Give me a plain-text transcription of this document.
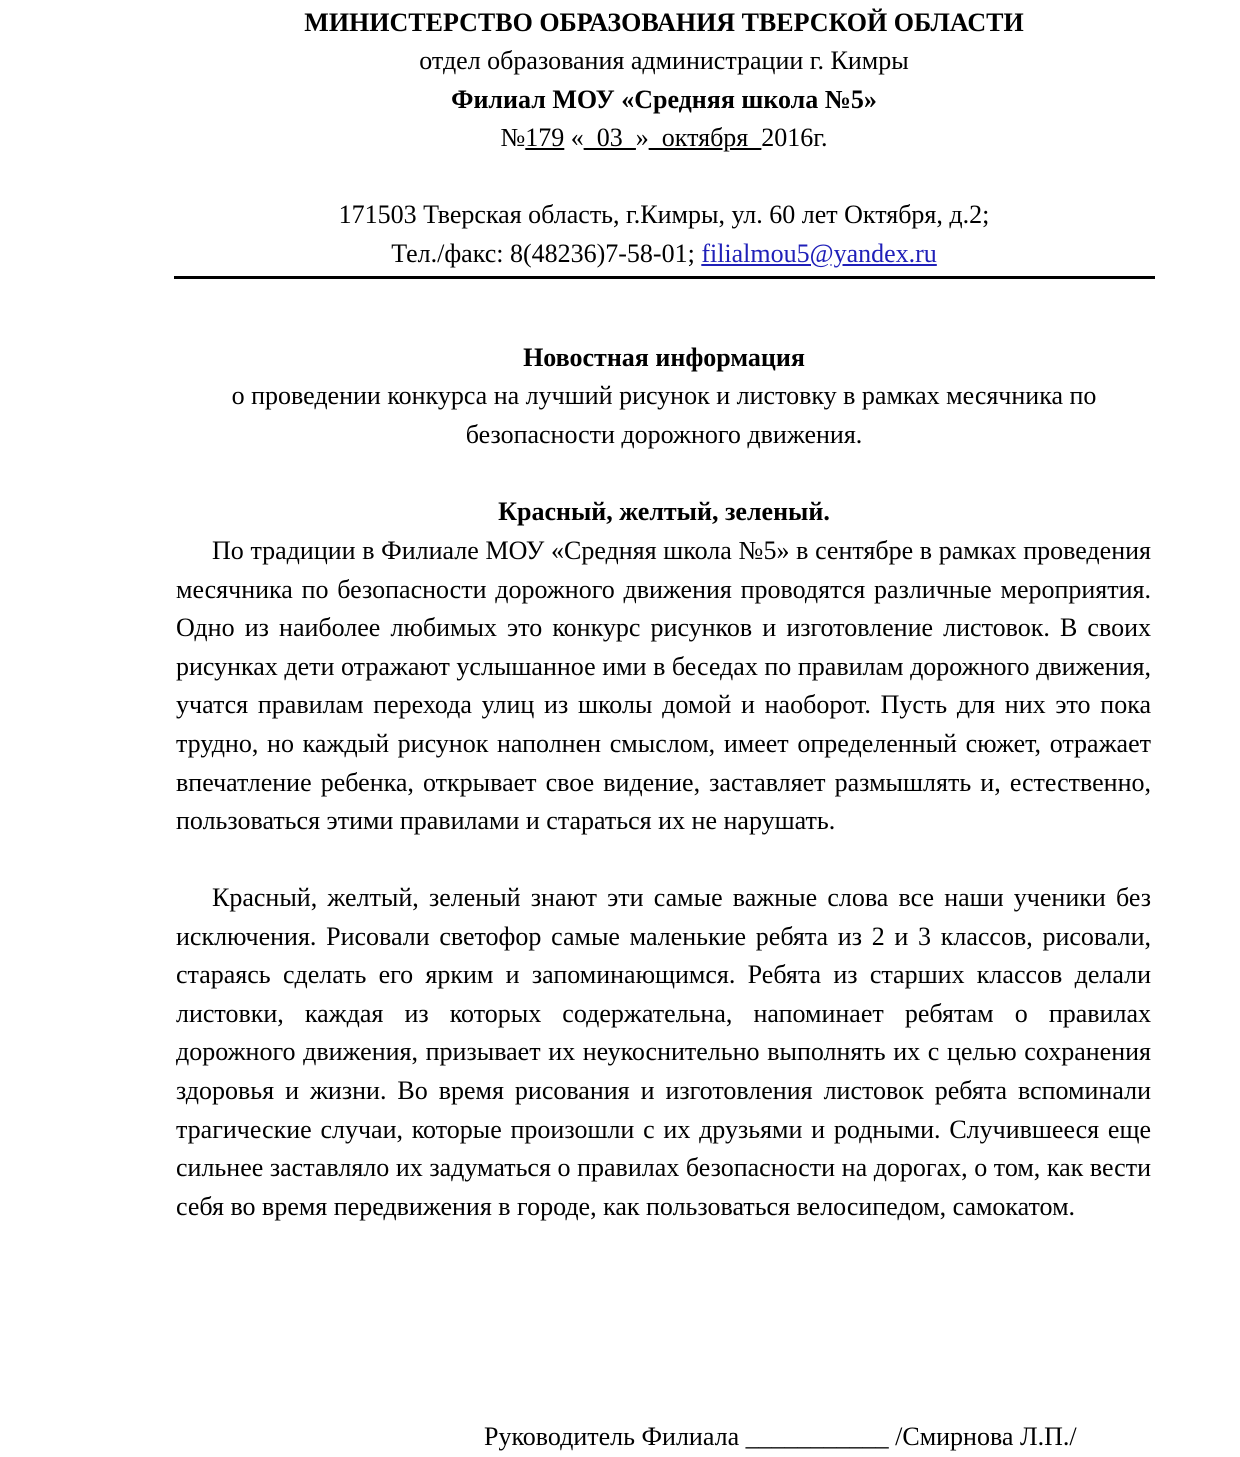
МИНИСТЕРСТВО ОБРАЗОВАНИЯ ТВЕРСКОЙ ОБЛАСТИ
отдел образования администрации г. Кимры
Филиал МОУ «Средняя школа №5»
№179 «_03_»_октября_2016г.
171503 Тверская область, г.Кимры, ул. 60 лет Октября, д.2;
Тел./факс: 8(48236)7-58-01; filialmou5@yandex.ru
Новостная информация
о проведении конкурса на лучший рисунок и листовку в рамках месячника по
безопасности дорожного движения.
Красный, желтый, зеленый.
По традиции в Филиале МОУ «Средняя школа №5» в сентябре в рамках проведения месячника по безопасности дорожного движения проводятся различные мероприятия. Одно из наиболее любимых это конкурс рисунков и изготовление листовок. В своих рисунках дети отражают услышанное ими в беседах по правилам дорожного движения, учатся правилам перехода улиц из школы домой и наоборот. Пусть для них это пока трудно, но каждый рисунок наполнен смыслом, имеет определенный сюжет, отражает впечатление ребенка, открывает свое видение, заставляет размышлять и, естественно, пользоваться этими правилами и стараться их не нарушать.
Красный, желтый, зеленый знают эти самые важные слова все наши ученики без исключения. Рисовали светофор самые маленькие ребята из 2 и 3 классов, рисовали, стараясь сделать его ярким и запоминающимся. Ребята из старших классов делали листовки, каждая из которых содержательна, напоминает ребятам о правилах дорожного движения, призывает их неукоснительно выполнять их с целью сохранения здоровья и жизни. Во время рисования и изготовления листовок ребята вспоминали трагические случаи, которые произошли с их друзьями и родными. Случившееся еще сильнее заставляло их задуматься о правилах безопасности на дорогах, о том, как вести себя во время передвижения в городе, как пользоваться велосипедом, самокатом.
Руководитель Филиала ___________ /Смирнова Л.П./
